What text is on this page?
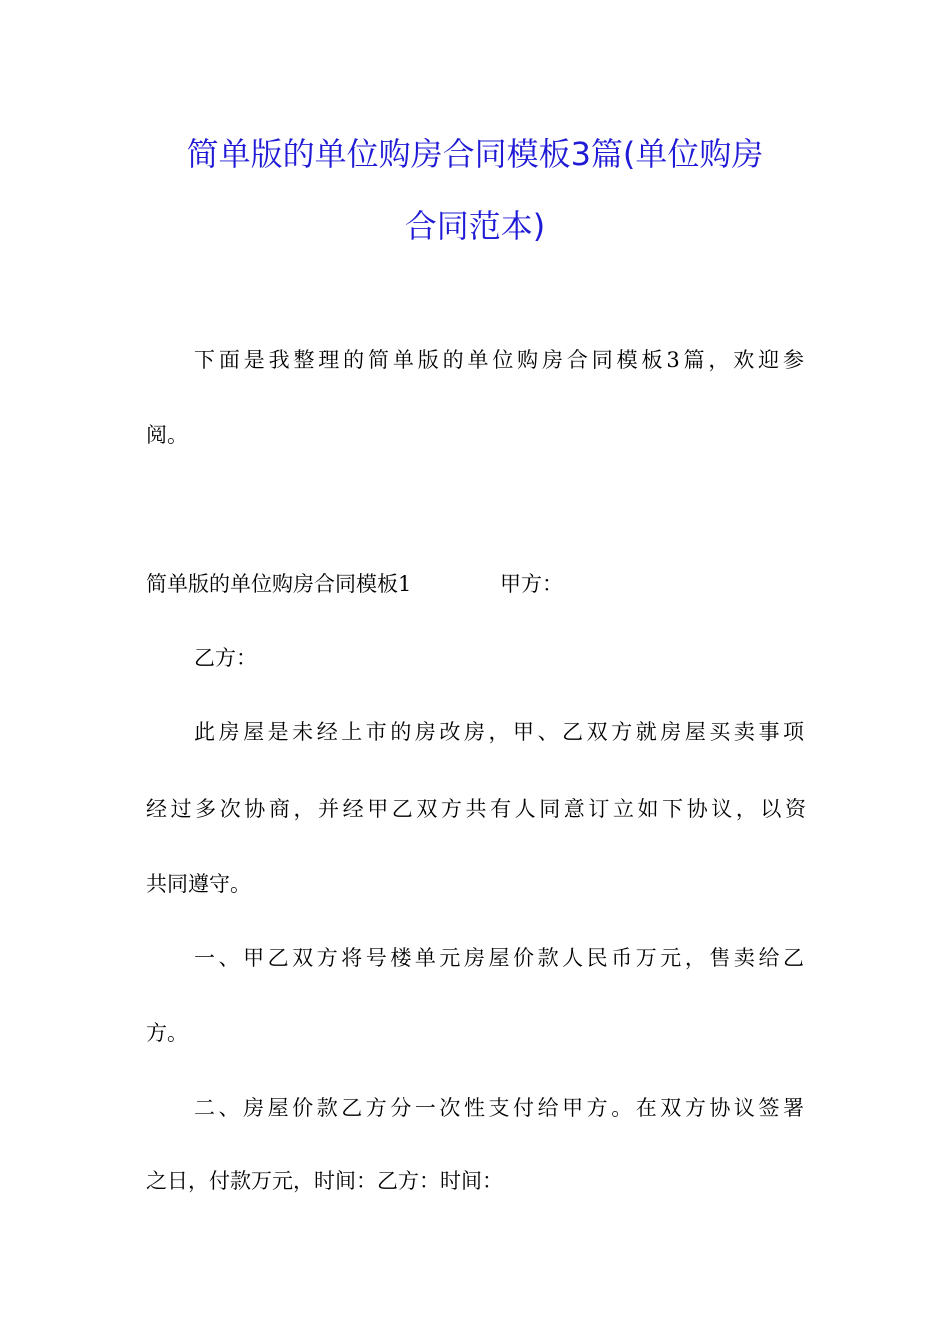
简单版的单位购房合同模板3篇(单位购房
合同范本)
下面是我整理的简单版的单位购房合同模板3篇，欢迎参
阅。
简单版的单位购房合同模板1	甲方：
乙方：
此房屋是未经上市的房改房，甲、乙双方就房屋买卖事项
经过多次协商，并经甲乙双方共有人同意订立如下协议，以资
共同遵守。
一、甲乙双方将号楼单元房屋价款人民币万元，售卖给乙
方。
二、房屋价款乙方分一次性支付给甲方。在双方协议签署
之日，付款万元，时间：乙方：时间：
